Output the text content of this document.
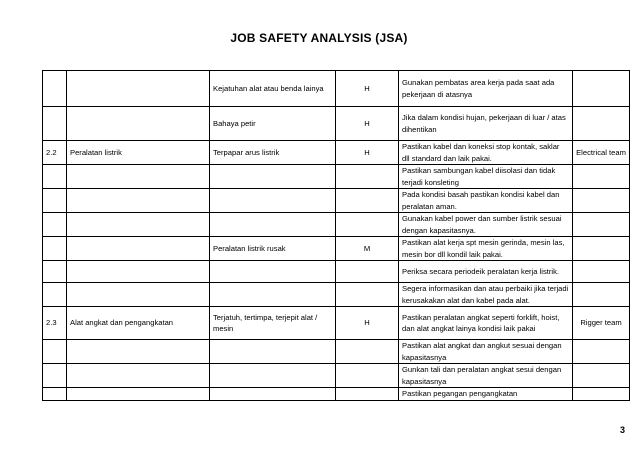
JOB SAFETY ANALYSIS (JSA)
		Kejatuhan alat atau benda lainya	H	Gunakan pembatas area kerja pada saat ada pekerjaan di atasnya	
		Bahaya petir	H	Jika dalam kondisi hujan, pekerjaan di luar / atas dihentikan	
2.2	Peralatan listrik	Terpapar arus listrik	H	Pastikan kabel dan koneksi stop kontak, saklar dll standard dan laik pakai.	Electrical team
				Pastikan sambungan kabel diisolasi dan tidak terjadi konsleting	
				Pada kondisi basah pastikan kondisi kabel dan peralatan aman.	
				Gunakan kabel power dan sumber listrik sesuai dengan kapasitasnya.	
		Peralatan listrik rusak	M	Pastikan alat kerja spt mesin gerinda, mesin las, mesin bor dll kondil laik pakai.	
				Periksa secara periodeik peralatan kerja listrik.	
				Segera informasikan dan atau perbaiki jika terjadi kerusakakan alat dan kabel pada alat.	
2.3	Alat angkat dan pengangkatan	Terjatuh, tertimpa, terjepit alat / mesin	H	Pastikan peralatan angkat seperti forklift, hoist, dan alat angkat lainya kondisi laik pakai	Rigger team
				Pastikan alat angkat dan angkut sesuai dengan kapasitasnya	
				Gunkan tali dan peralatan angkat sesui dengan kapasitasnya	
				Pastikan pegangan pengangkatan	
3
